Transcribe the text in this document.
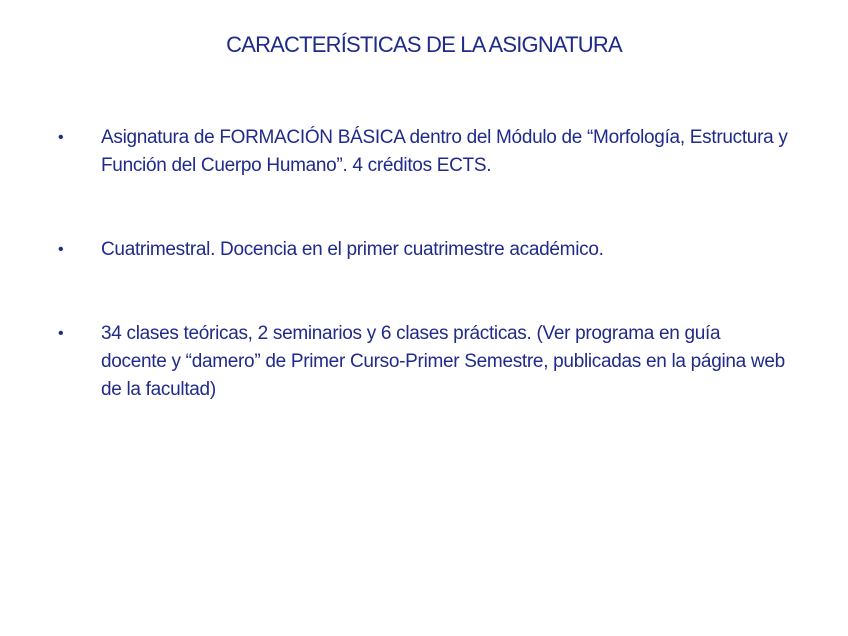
CARACTERÍSTICAS DE LA ASIGNATURA
• Asignatura de FORMACIÓN BÁSICA dentro del Módulo de “Morfología, Estructura y Función del Cuerpo Humano”. 4 créditos ECTS.
• Cuatrimestral. Docencia en el primer cuatrimestre académico.
• 34 clases teóricas, 2 seminarios y 6 clases prácticas. (Ver programa en guía docente y “damero” de Primer Curso-Primer Semestre, publicadas en la página web de la facultad)
